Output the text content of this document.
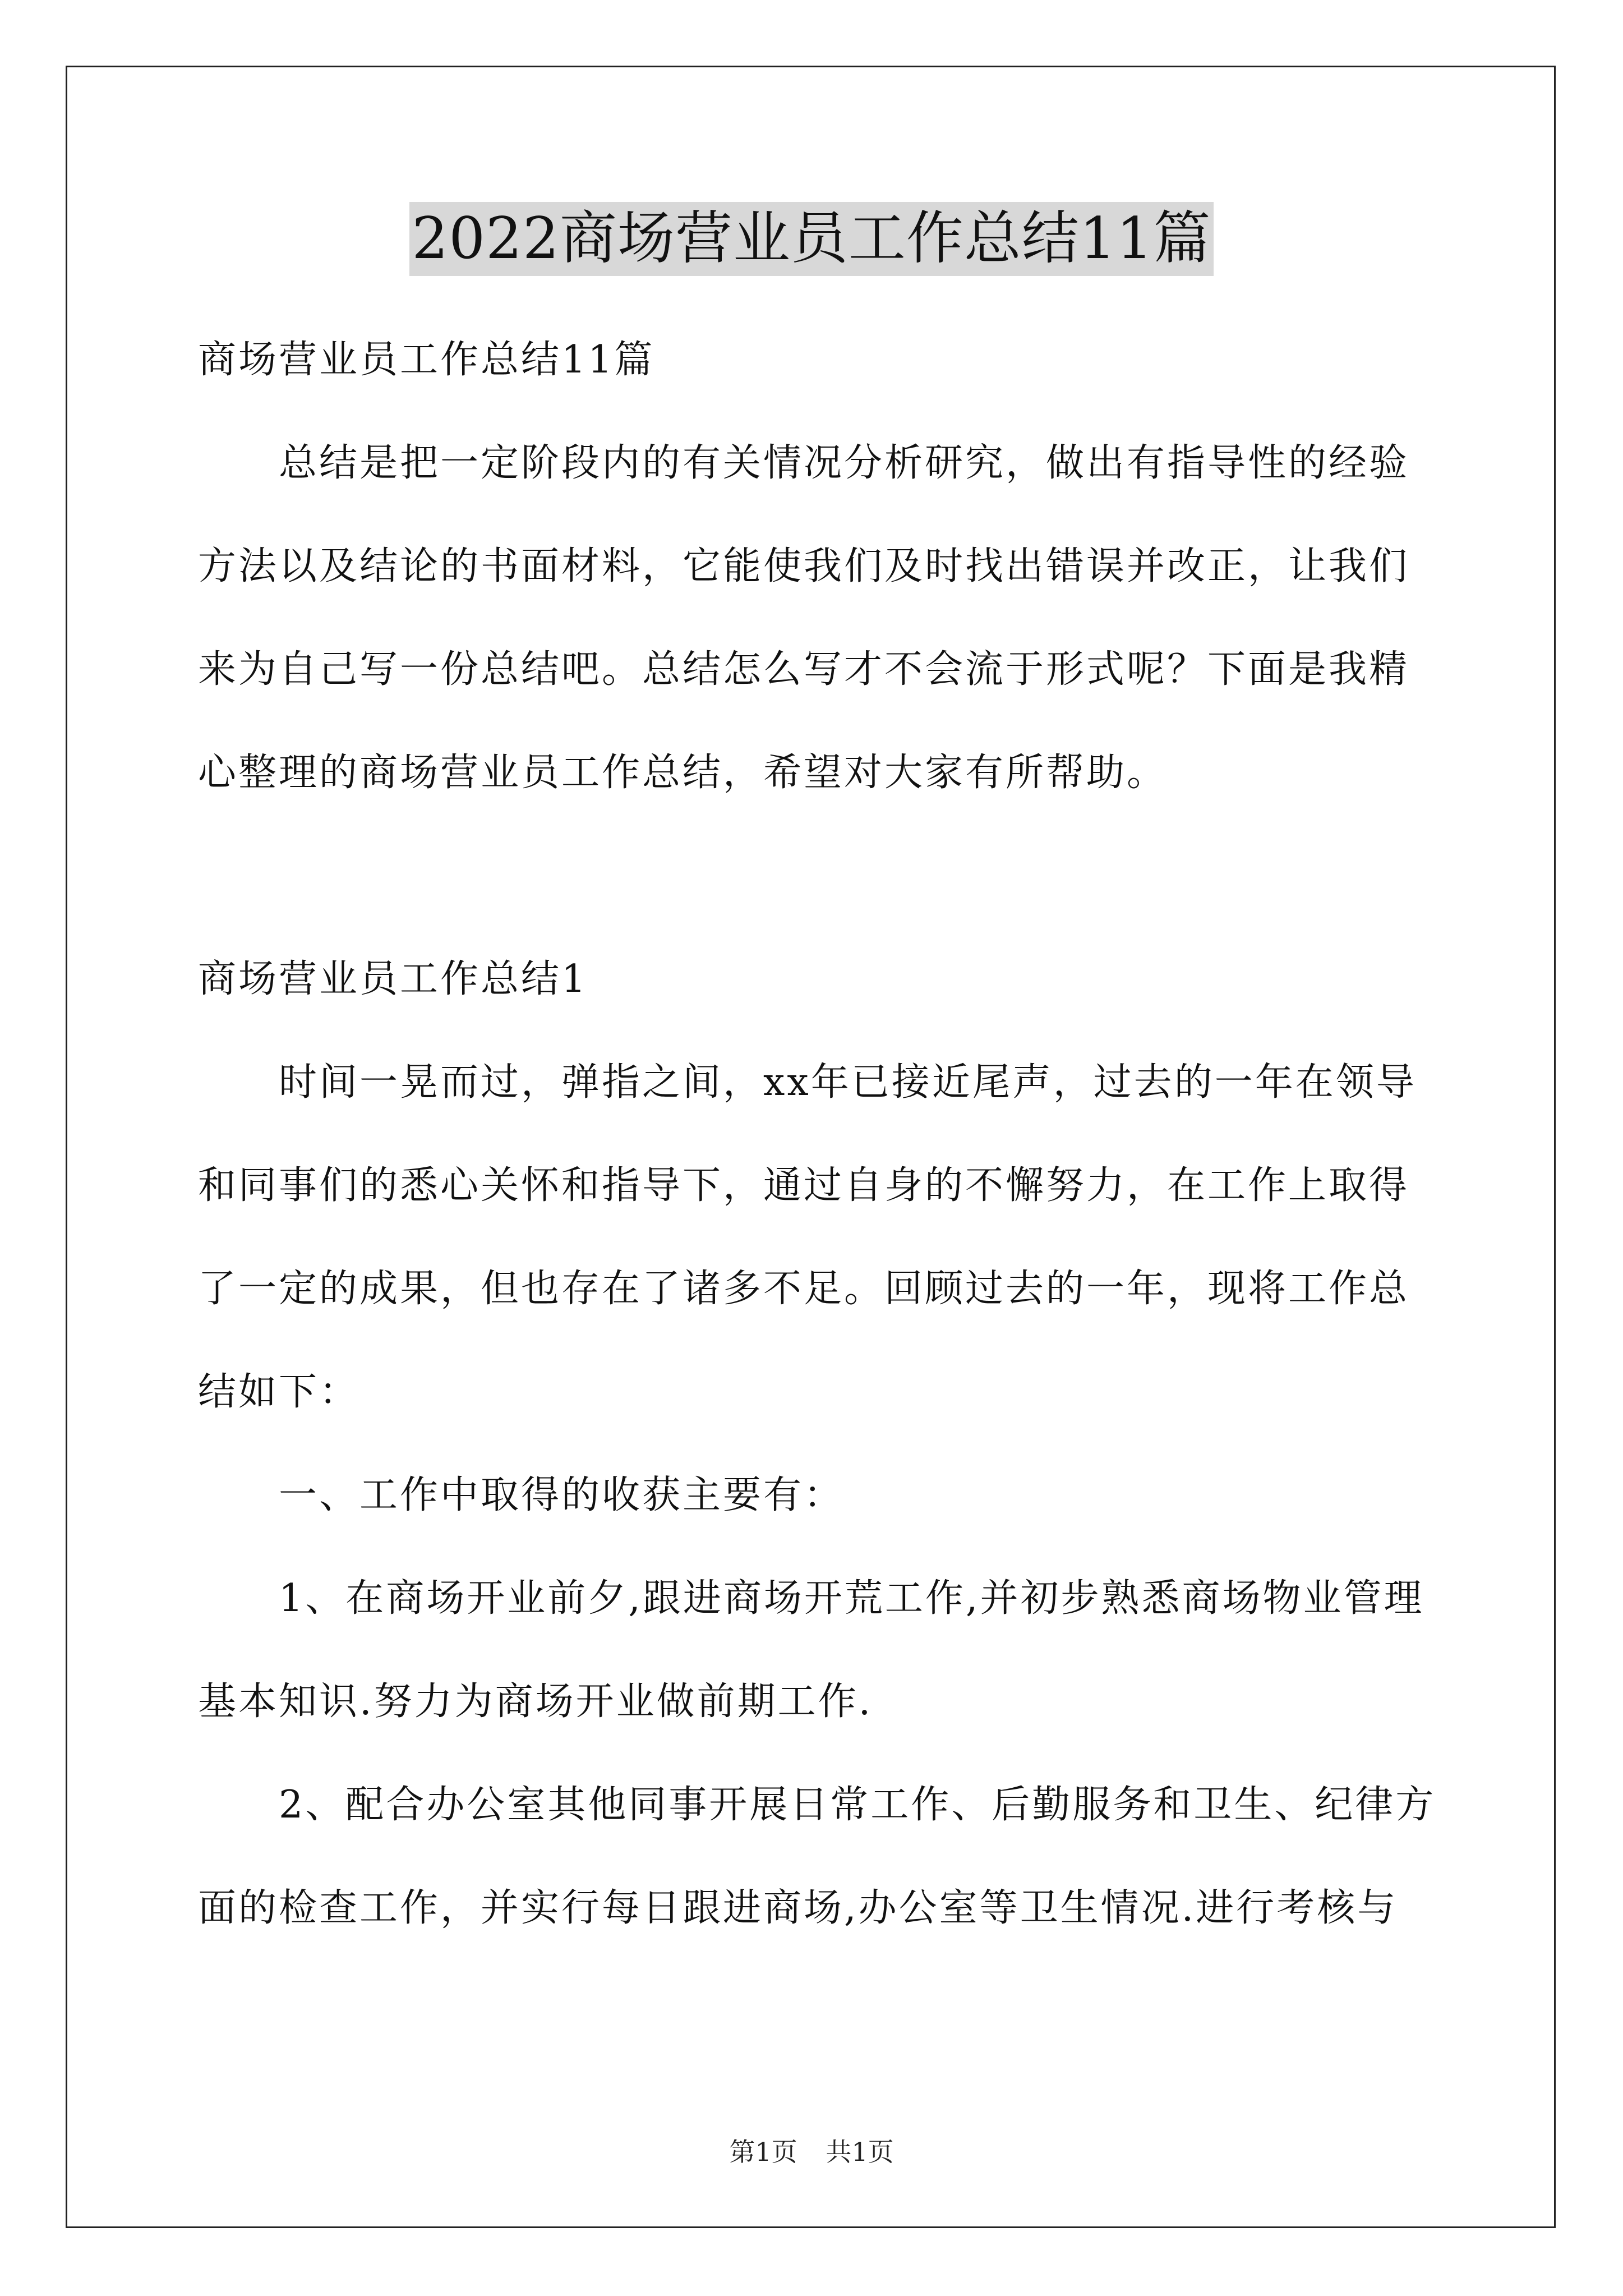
2022商场营业员工作总结11篇
商场营业员工作总结11篇
　　总结是把一定阶段内的有关情况分析研究，做出有指导性的经验
方法以及结论的书面材料，它能使我们及时找出错误并改正，让我们
来为自己写一份总结吧。总结怎么写才不会流于形式呢？下面是我精
心整理的商场营业员工作总结，希望对大家有所帮助。
商场营业员工作总结1
　　时间一晃而过，弹指之间，xx年已接近尾声，过去的一年在领导
和同事们的悉心关怀和指导下，通过自身的不懈努力，在工作上取得
了一定的成果，但也存在了诸多不足。回顾过去的一年，现将工作总
结如下：
　　一、工作中取得的收获主要有：
　　1、在商场开业前夕,跟进商场开荒工作,并初步熟悉商场物业管理
基本知识.努力为商场开业做前期工作.
　　2、配合办公室其他同事开展日常工作、后勤服务和卫生、纪律方
面的检查工作，并实行每日跟进商场,办公室等卫生情况.进行考核与
第1页 共1页
